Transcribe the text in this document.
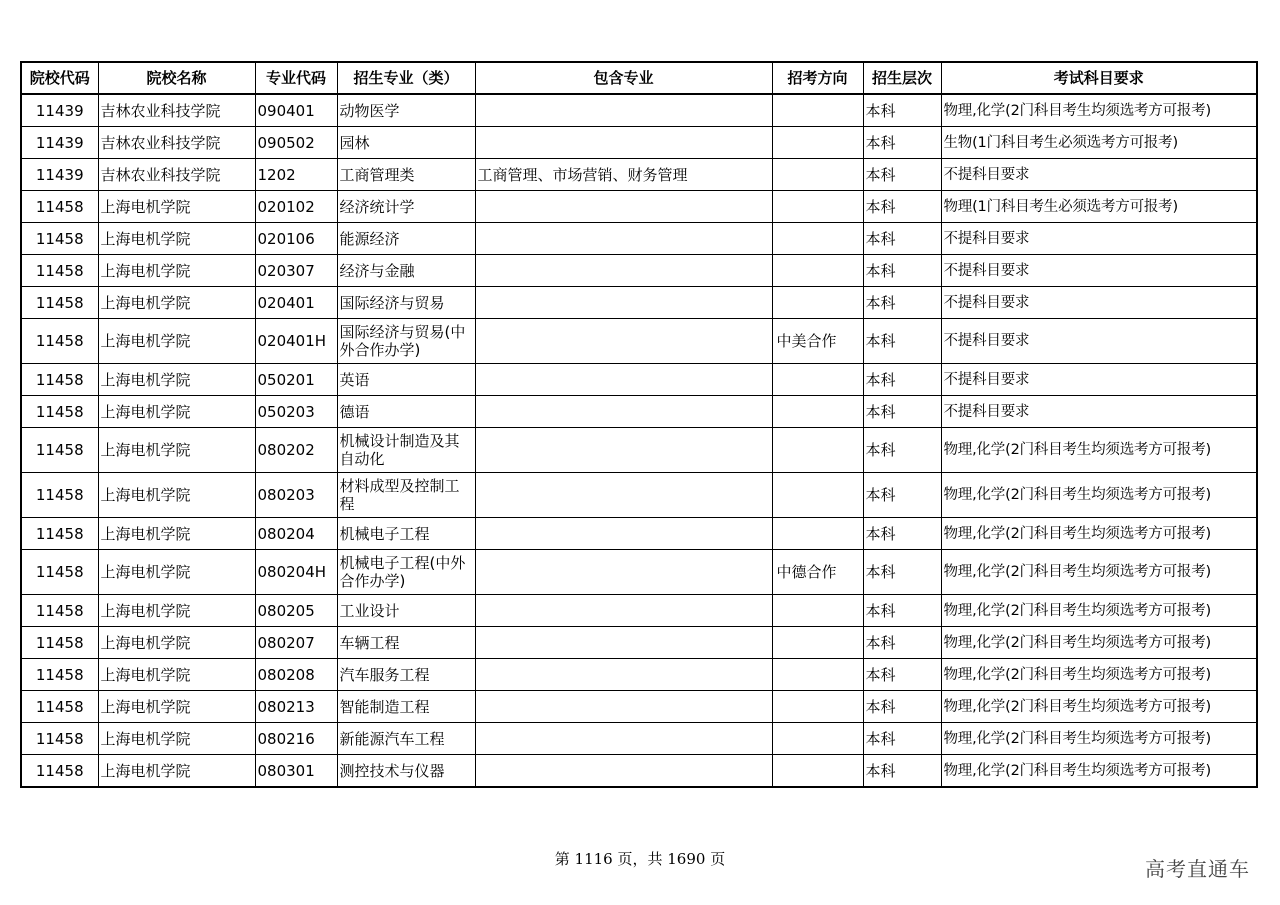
院校代码	院校名称	专业代码	招生专业（类）	包含专业	招考方向	招生层次	考试科目要求
11439	吉林农业科技学院	090401	动物医学			本科	物理,化学(2门科目考生均须选考方可报考)
11439	吉林农业科技学院	090502	园林			本科	生物(1门科目考生必须选考方可报考)
11439	吉林农业科技学院	1202	工商管理类	工商管理、市场营销、财务管理		本科	不提科目要求
11458	上海电机学院	020102	经济统计学			本科	物理(1门科目考生必须选考方可报考)
11458	上海电机学院	020106	能源经济			本科	不提科目要求
11458	上海电机学院	020307	经济与金融			本科	不提科目要求
11458	上海电机学院	020401	国际经济与贸易			本科	不提科目要求
11458	上海电机学院	020401H	国际经济与贸易(中外合作办学)		中美合作	本科	不提科目要求
11458	上海电机学院	050201	英语			本科	不提科目要求
11458	上海电机学院	050203	德语			本科	不提科目要求
11458	上海电机学院	080202	机械设计制造及其自动化			本科	物理,化学(2门科目考生均须选考方可报考)
11458	上海电机学院	080203	材料成型及控制工程			本科	物理,化学(2门科目考生均须选考方可报考)
11458	上海电机学院	080204	机械电子工程			本科	物理,化学(2门科目考生均须选考方可报考)
11458	上海电机学院	080204H	机械电子工程(中外合作办学)		中德合作	本科	物理,化学(2门科目考生均须选考方可报考)
11458	上海电机学院	080205	工业设计			本科	物理,化学(2门科目考生均须选考方可报考)
11458	上海电机学院	080207	车辆工程			本科	物理,化学(2门科目考生均须选考方可报考)
11458	上海电机学院	080208	汽车服务工程			本科	物理,化学(2门科目考生均须选考方可报考)
11458	上海电机学院	080213	智能制造工程			本科	物理,化学(2门科目考生均须选考方可报考)
11458	上海电机学院	080216	新能源汽车工程			本科	物理,化学(2门科目考生均须选考方可报考)
11458	上海电机学院	080301	测控技术与仪器			本科	物理,化学(2门科目考生均须选考方可报考)
第 1116 页，共 1690 页	高考直通车
